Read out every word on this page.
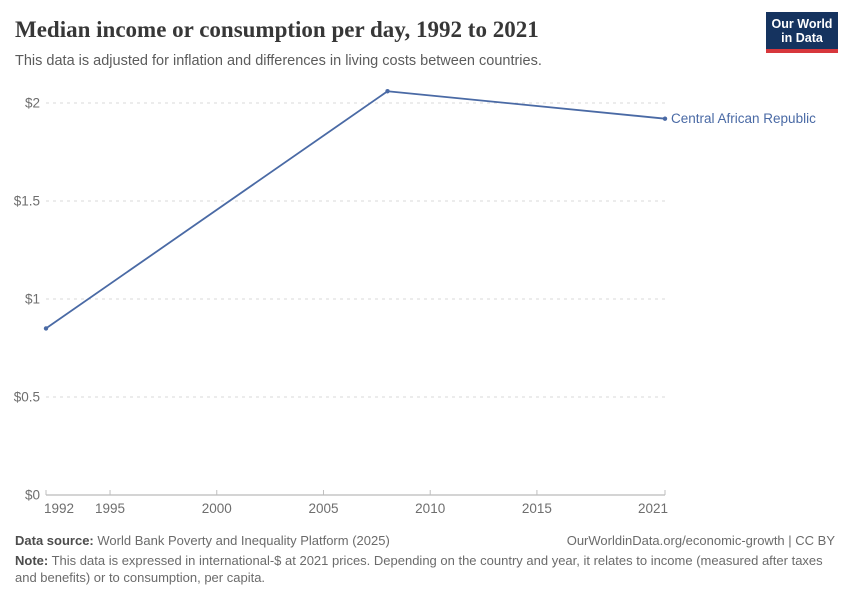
Median income or consumption per day, 1992 to 2021
This data is adjusted for inflation and differences in living costs between countries.
Our World
in Data
$0
$0.5
$1
$1.5
$2
1992 1995	2000	2005	2010	2015	2021
Central African Republic
Data source: World Bank Poverty and Inequality Platform (2025)	OurWorldinData.org/economic-growth | CC BY
Note: This data is expressed in international-$ at 2021 prices. Depending on the country and year, it relates to income (measured after taxes and benefits) or to consumption, per capita.
